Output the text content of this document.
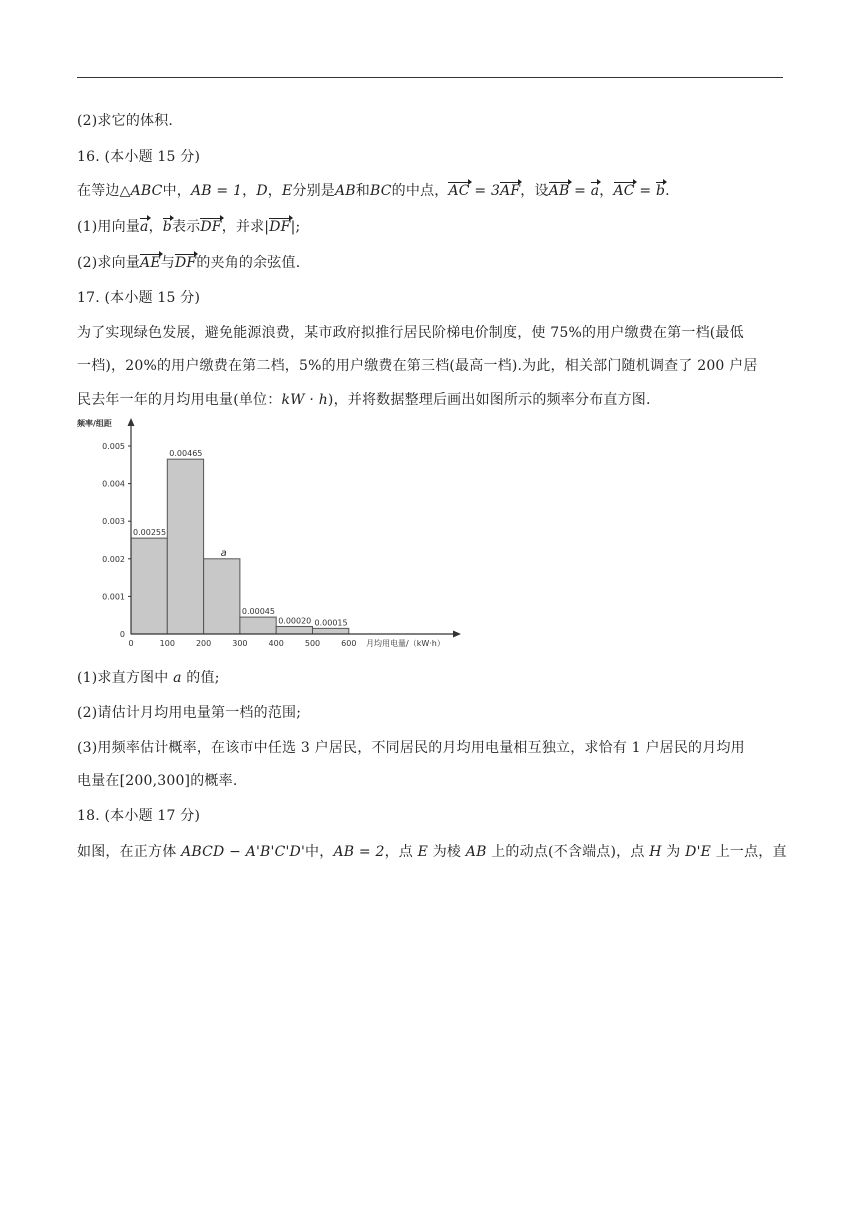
(2)求它的体积.
16. (本小题 15 分)
在等边△ABC中，AB = 1，D，E分别是AB和BC的中点，AC = 3AF，设AB = a，AC = b.
(1)用向量a，b表示DF，并求|DF|;
(2)求向量AE与DF的夹角的余弦值.
17. (本小题 15 分)
为了实现绿色发展，避免能源浪费，某市政府拟推行居民阶梯电价制度，使 75%的用户缴费在第一档(最低
一档)，20%的用户缴费在第二档，5%的用户缴费在第三档(最高一档).为此，相关部门随机调查了 200 户居
民去年一年的月均用电量(单位：kW · h)，并将数据整理后画出如图所示的频率分布直方图.
0.00255
0.00465
a
0.00045
0.00020 0.00015
0
0.001
0.002
0.003
0.004
0.005
0	100	200	300	400	500	600
频率/组距
月均用电量/（kW·h）
(1)求直方图中 a 的值;
(2)请估计月均用电量第一档的范围;
(3)用频率估计概率，在该市中任选 3 户居民，不同居民的月均用电量相互独立，求恰有 1 户居民的月均用
电量在[200,300]的概率.
18. (本小题 17 分)
如图，在正方体 ABCD − A'B'C'D'中，AB = 2，点 E 为棱 AB 上的动点(不含端点)，点 H 为 D'E 上一点，直
